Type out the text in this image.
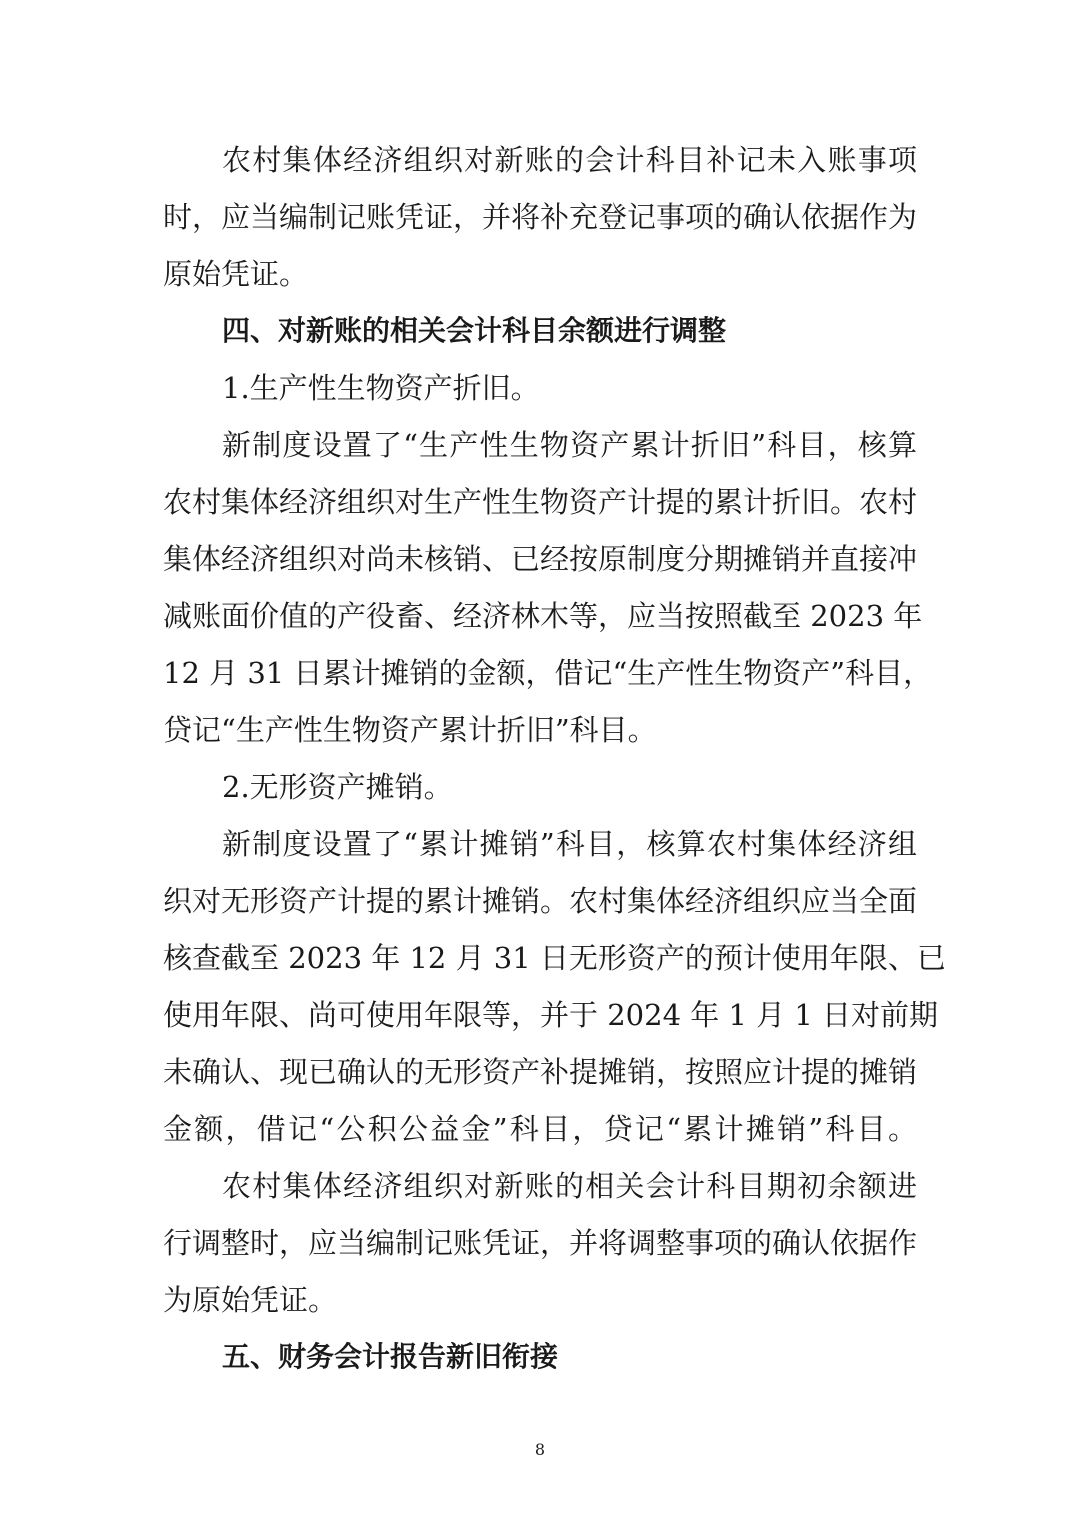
农村集体经济组织对新账的会计科目补记未入账事项
时，应当编制记账凭证，并将补充登记事项的确认依据作为
原始凭证。
四、对新账的相关会计科目余额进行调整
1.生产性生物资产折旧。
新制度设置了“生产性生物资产累计折旧”科目，核算
农村集体经济组织对生产性生物资产计提的累计折旧。农村
集体经济组织对尚未核销、已经按原制度分期摊销并直接冲
减账面价值的产役畜、经济林木等，应当按照截至 2023 年
12 月 31 日累计摊销的金额，借记“生产性生物资产”科目，
贷记“生产性生物资产累计折旧”科目。
2.无形资产摊销。
新制度设置了“累计摊销”科目，核算农村集体经济组
织对无形资产计提的累计摊销。农村集体经济组织应当全面
核查截至 2023 年 12 月 31 日无形资产的预计使用年限、已
使用年限、尚可使用年限等，并于 2024 年 1 月 1 日对前期
未确认、现已确认的无形资产补提摊销，按照应计提的摊销
金额，借记“公积公益金”科目，贷记“累计摊销”科目。
农村集体经济组织对新账的相关会计科目期初余额进
行调整时，应当编制记账凭证，并将调整事项的确认依据作
为原始凭证。
五、财务会计报告新旧衔接
8
